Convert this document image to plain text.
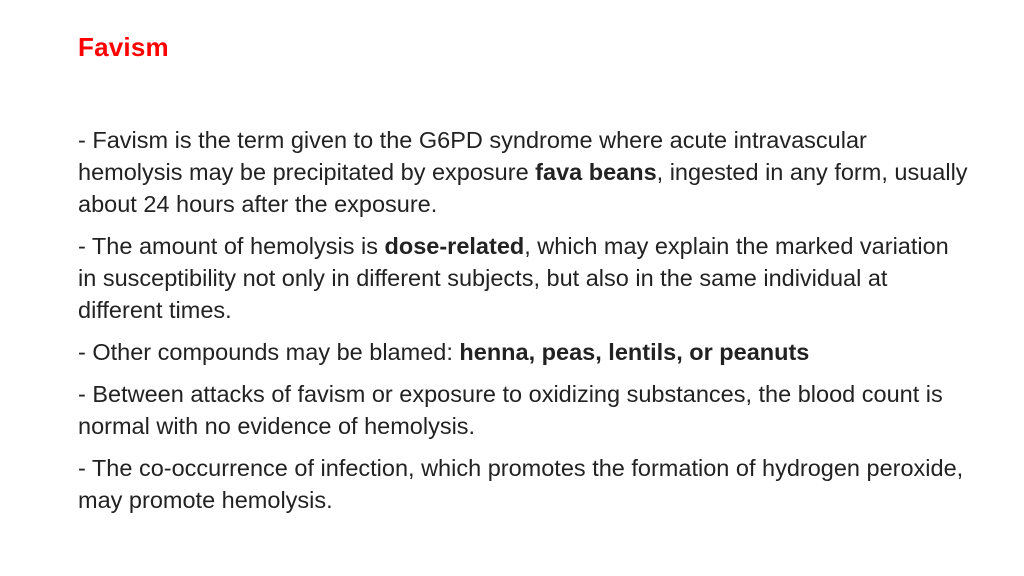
Favism

- Favism is the term given to the G6PD syndrome where acute intravascular hemolysis may be precipitated by exposure fava beans, ingested in any form, usually about 24 hours after the exposure.

- The amount of hemolysis is dose-related, which may explain the marked variation in susceptibility not only in different subjects, but also in the same individual at different times.

- Other compounds may be blamed: henna, peas, lentils, or peanuts

- Between attacks of favism or exposure to oxidizing substances, the blood count is normal with no evidence of hemolysis.

- The co-occurrence of infection, which promotes the formation of hydrogen peroxide, may promote hemolysis.
